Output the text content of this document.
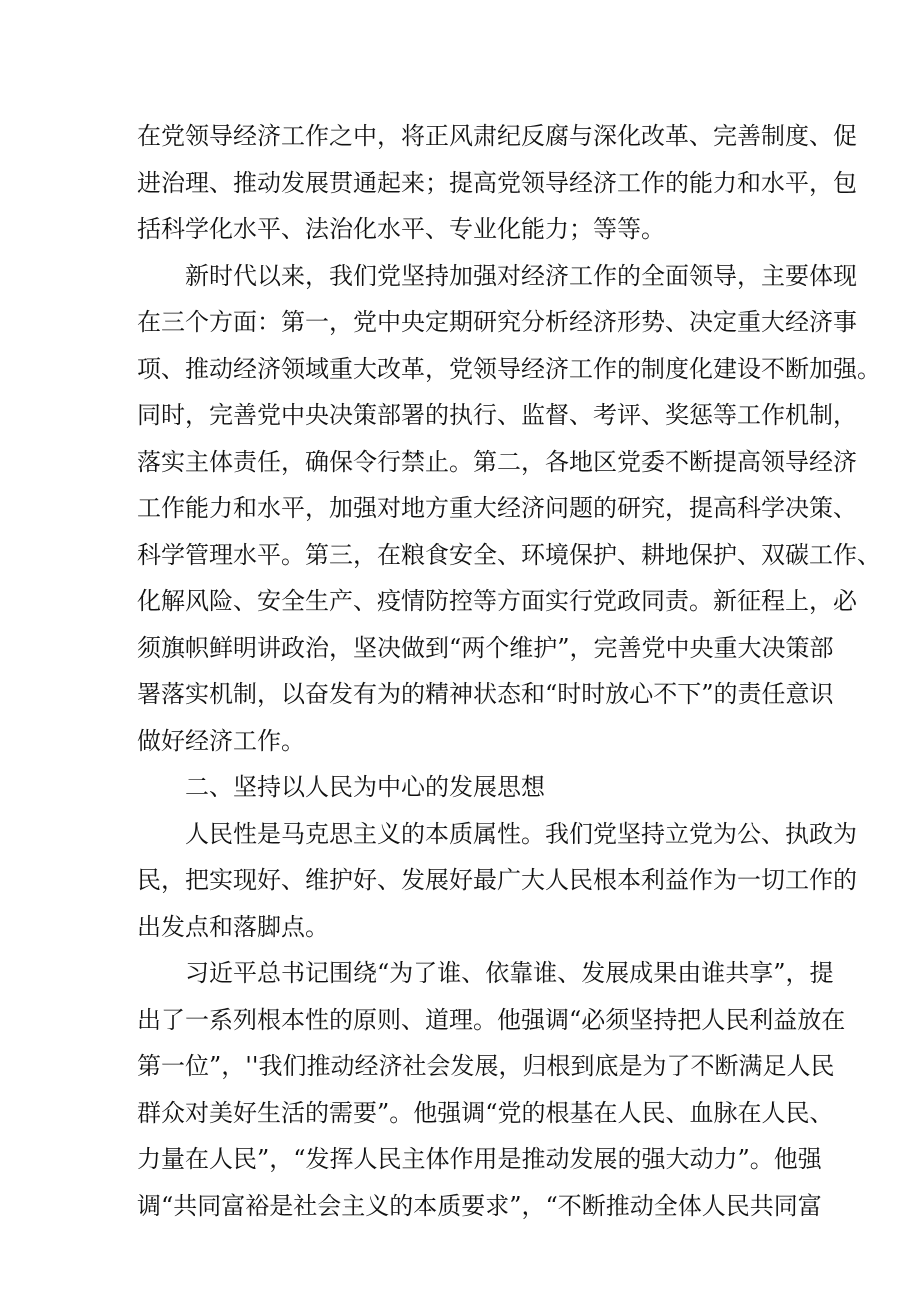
在党领导经济工作之中，将正风肃纪反腐与深化改革、完善制度、促
进治理、推动发展贯通起来；提高党领导经济工作的能力和水平，包
括科学化水平、法治化水平、专业化能力；等等。
新时代以来，我们党坚持加强对经济工作的全面领导，主要体现
在三个方面：第一，党中央定期研究分析经济形势、决定重大经济事
项、推动经济领域重大改革，党领导经济工作的制度化建设不断加强。
同时，完善党中央决策部署的执行、监督、考评、奖惩等工作机制，
落实主体责任，确保令行禁止。第二，各地区党委不断提高领导经济
工作能力和水平，加强对地方重大经济问题的研究，提高科学决策、
科学管理水平。第三，在粮食安全、环境保护、耕地保护、双碳工作、
化解风险、安全生产、疫情防控等方面实行党政同责。新征程上，必
须旗帜鲜明讲政治，坚决做到“两个维护”，完善党中央重大决策部
署落实机制，以奋发有为的精神状态和“时时放心不下”的责任意识
做好经济工作。
二、坚持以人民为中心的发展思想
人民性是马克思主义的本质属性。我们党坚持立党为公、执政为
民，把实现好、维护好、发展好最广大人民根本利益作为一切工作的
出发点和落脚点。
习近平总书记围绕“为了谁、依靠谁、发展成果由谁共享”，提
出了一系列根本性的原则、道理。他强调“必须坚持把人民利益放在
第一位”，''我们推动经济社会发展，归根到底是为了不断满足人民
群众对美好生活的需要”。他强调“党的根基在人民、血脉在人民、
力量在人民”，“发挥人民主体作用是推动发展的强大动力”。他强
调“共同富裕是社会主义的本质要求”，“不断推动全体人民共同富
